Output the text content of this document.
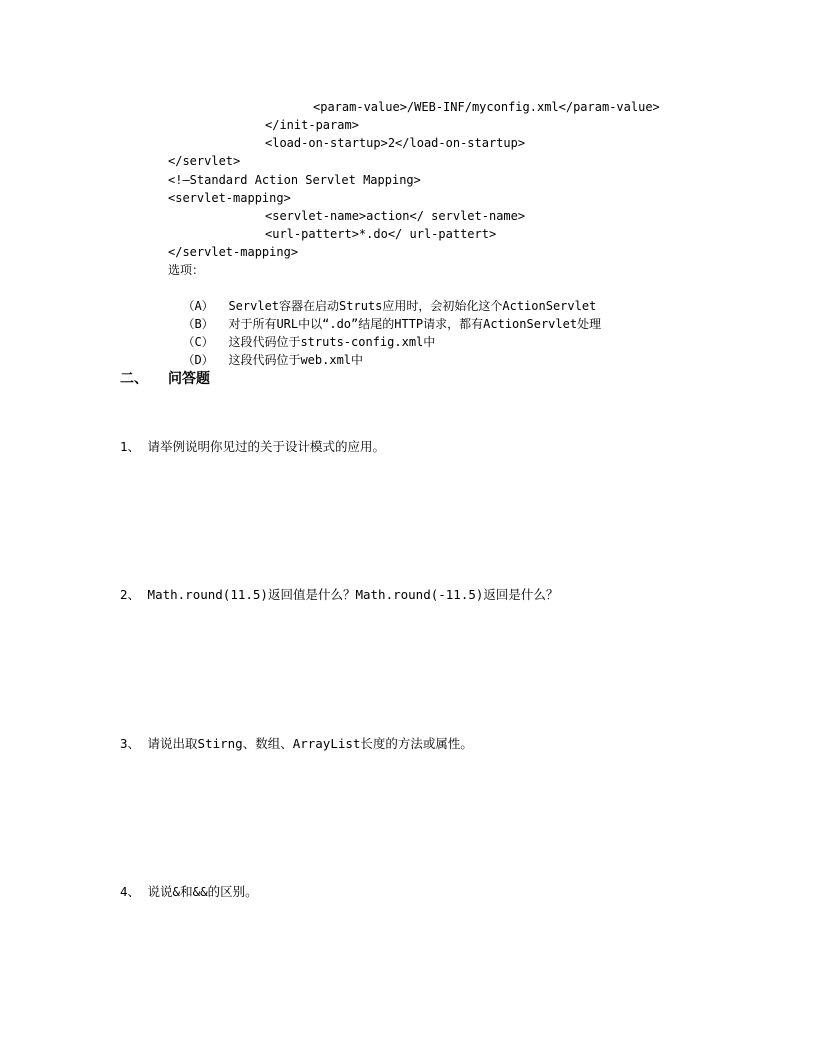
<param-value>/WEB-INF/myconfig.xml</param-value>
</init-param>
<load-on-startup>2</load-on-startup>
</servlet>
<!—Standard Action Servlet Mapping>
<servlet-mapping>
<servlet-name>action</ servlet-name>
<url-pattert>*.do</ url-pattert>
</servlet-mapping>
选项：

（A） Servlet容器在启动Struts应用时，会初始化这个ActionServlet

（B） 对于所有URL中以“.do”结尾的HTTP请求，都有ActionServlet处理

（C） 这段代码位于struts-config.xml中

（D） 这段代码位于web.xml中

二、 问答题
1、 请举例说明你见过的关于设计模式的应用。
2、 Math.round(11.5)返回值是什么？Math.round(-11.5)返回是什么？
3、 请说出取Stirng、数组、ArrayList长度的方法或属性。
4、 说说&和&&的区别。
